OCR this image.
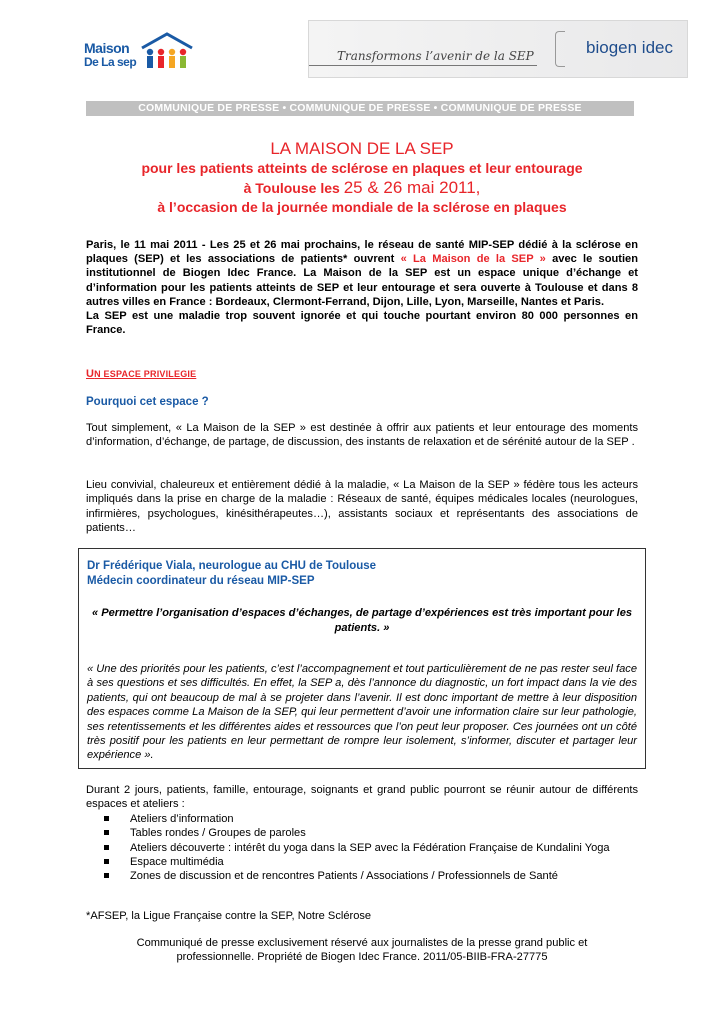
Maison
De La sep	Transformons l’avenir de la SEP	biogen idec
COMMUNIQUE DE PRESSE • COMMUNIQUE DE PRESSE • COMMUNIQUE DE PRESSE
LA MAISON DE LA SEP
pour les patients atteints de sclérose en plaques et leur entourage
à Toulouse les 25 & 26 mai 2011,
à l’occasion de la journée mondiale de la sclérose en plaques
Paris, le 11 mai 2011 - Les 25 et 26 mai prochains, le réseau de santé MIP-SEP dédié à la sclérose en plaques (SEP) et les associations de patients* ouvrent « La Maison de la SEP » avec le soutien institutionnel de Biogen Idec France. La Maison de la SEP est un espace unique d’échange et d’information pour les patients atteints de SEP et leur entourage et sera ouverte à Toulouse et dans 8 autres villes en France : Bordeaux, Clermont-Ferrand, Dijon, Lille, Lyon, Marseille, Nantes et Paris.
La SEP est une maladie trop souvent ignorée et qui touche pourtant environ 80 000 personnes en France.
UN ESPACE PRIVILEGIE
Pourquoi cet espace ?
Tout simplement, « La Maison de la SEP » est destinée à offrir aux patients et leur entourage des moments d’information, d’échange, de partage, de discussion, des instants de relaxation et de sérénité autour de la SEP .
Lieu convivial, chaleureux et entièrement dédié à la maladie, « La Maison de la SEP » fédère tous les acteurs impliqués dans la prise en charge de la maladie : Réseaux de santé, équipes médicales locales (neurologues, infirmières, psychologues, kinésithérapeutes…), assistants sociaux et représentants des associations de patients…
Dr Frédérique Viala, neurologue au CHU de Toulouse
Médecin coordinateur du réseau MIP-SEP
« Permettre l’organisation d’espaces d’échanges, de partage d’expériences est très important pour les patients. »
« Une des priorités pour les patients, c’est l’accompagnement et tout particulièrement de ne pas rester seul face à ses questions et ses difficultés. En effet, la SEP a, dès l’annonce du diagnostic, un fort impact dans la vie des patients, qui ont beaucoup de mal à se projeter dans l’avenir. Il est donc important de mettre à leur disposition des espaces comme La Maison de la SEP, qui leur permettent d’avoir une information claire sur leur pathologie, ses retentissements et les différentes aides et ressources que l’on peut leur proposer. Ces journées ont un côté très positif pour les patients en leur permettant de rompre leur isolement, s’informer, discuter et partager leur expérience ».
Durant 2 jours, patients, famille, entourage, soignants et grand public pourront se réunir autour de différents espaces et ateliers :
Ateliers d’information
Tables rondes / Groupes de paroles
Ateliers découverte : intérêt du yoga dans la SEP avec la Fédération Française de Kundalini Yoga
Espace multimédia
Zones de discussion et de rencontres Patients / Associations / Professionnels de Santé
*AFSEP, la Ligue Française contre la SEP, Notre Sclérose
Communiqué de presse exclusivement réservé aux journalistes de la presse grand public et
professionnelle. Propriété de Biogen Idec France. 2011/05-BIIB-FRA-27775
